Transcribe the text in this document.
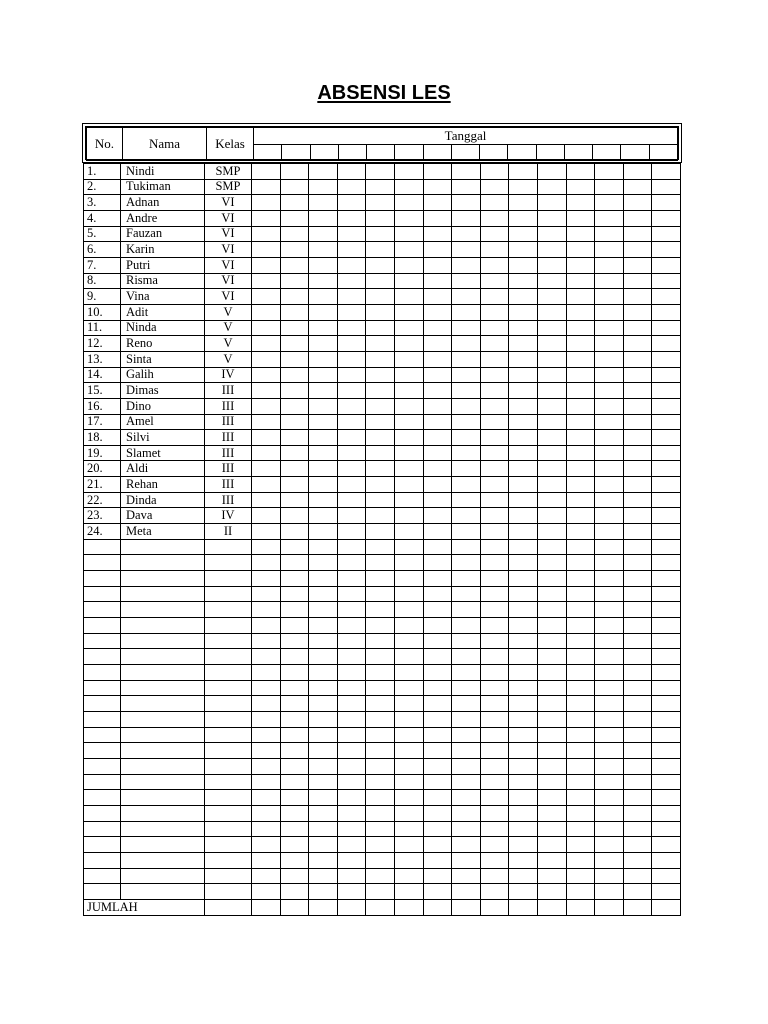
ABSENSI LES
No.	Nama	Kelas	Tanggal														

1.	Nindi	SMP															
2.	Tukiman	SMP															
3.	Adnan	VI															
4.	Andre	VI															
5.	Fauzan	VI															
6.	Karin	VI															
7.	Putri	VI															
8.	Risma	VI															
9.	Vina	VI															
10.	Adit	V															
11.	Ninda	V															
12.	Reno	V															
13.	Sinta	V															
14.	Galih	IV															
15.	Dimas	III															
16.	Dino	III															
17.	Amel	III															
18.	Silvi	III															
19.	Slamet	III															
20.	Aldi	III															
21.	Rehan	III															
22.	Dinda	III															
23.	Dava	IV															
24.	Meta	II															

JUMLAH																	
